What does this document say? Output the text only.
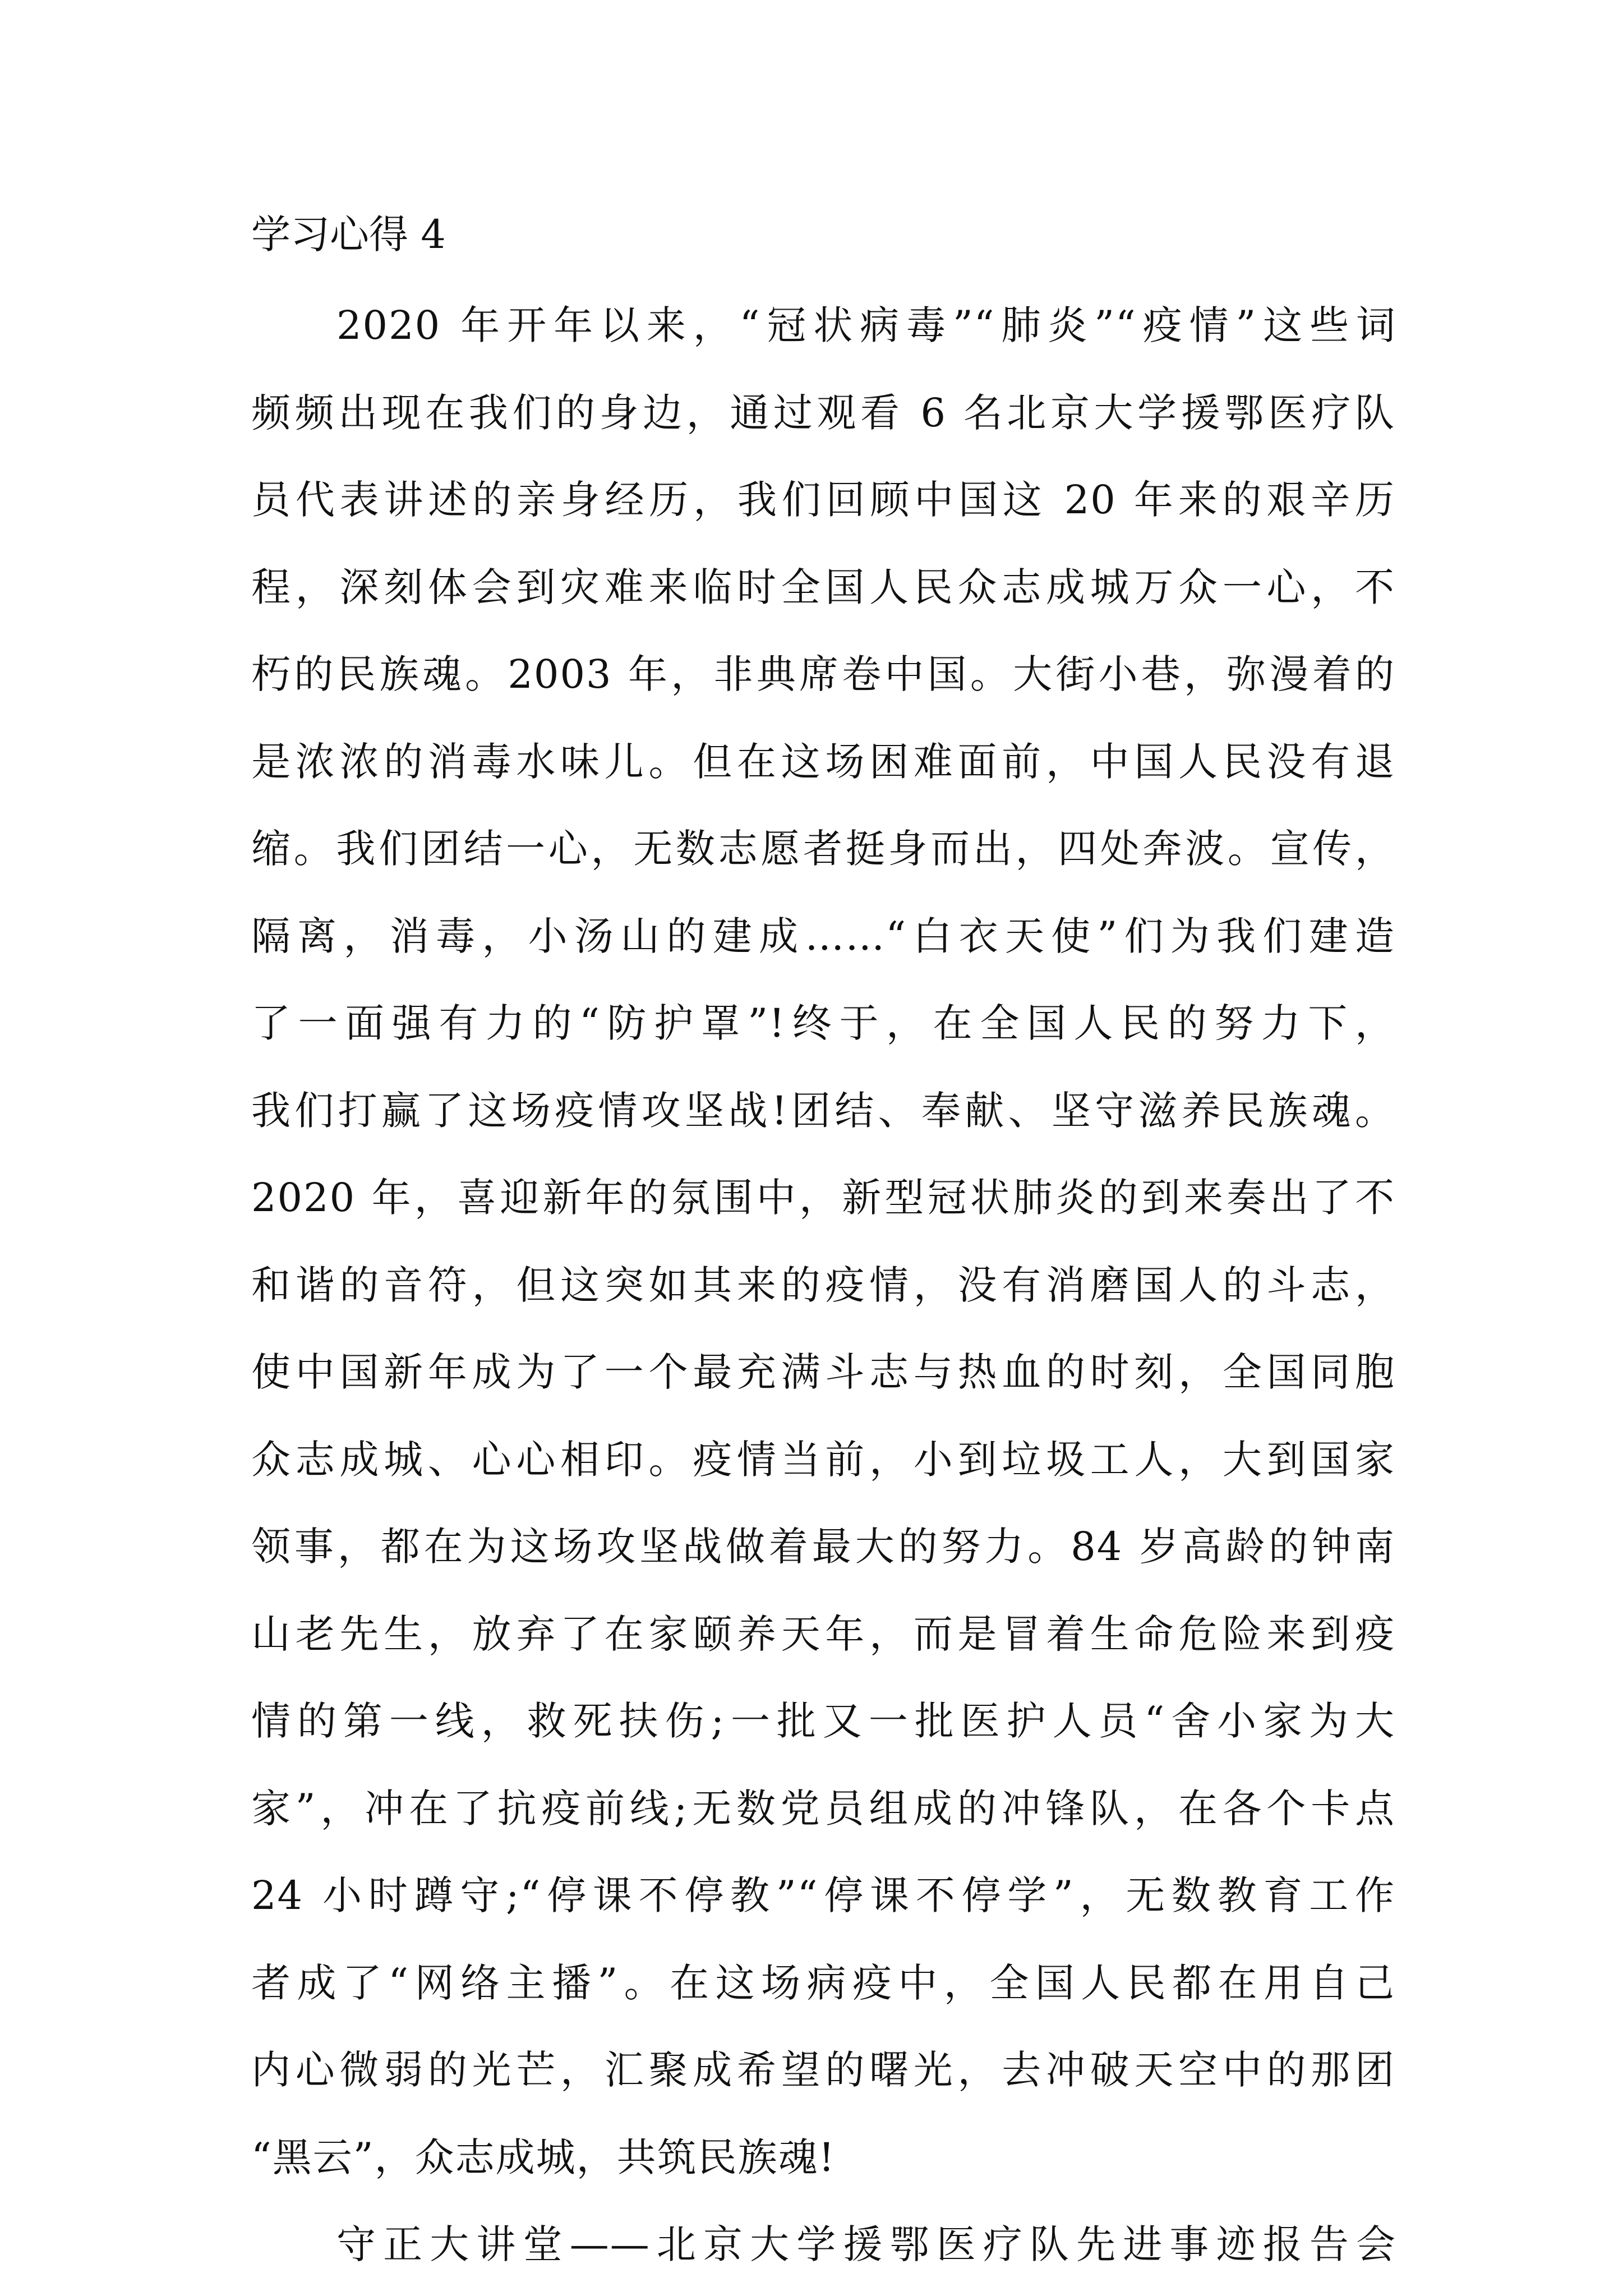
学习心得 4
2020 年开年以来，“冠状病毒”“肺炎”“疫情”这些词
频频出现在我们的身边，通过观看 6 名北京大学援鄂医疗队
员代表讲述的亲身经历，我们回顾中国这 20 年来的艰辛历
程，深刻体会到灾难来临时全国人民众志成城万众一心，不
朽的民族魂。2003 年，非典席卷中国。大街小巷，弥漫着的
是浓浓的消毒水味儿。但在这场困难面前，中国人民没有退
缩。我们团结一心，无数志愿者挺身而出，四处奔波。宣传，
隔离，消毒，小汤山的建成……“白衣天使”们为我们建造
了一面强有力的“防护罩”!终于，在全国人民的努力下，
我们打赢了这场疫情攻坚战!团结、奉献、坚守滋养民族魂。
2020 年，喜迎新年的氛围中，新型冠状肺炎的到来奏出了不
和谐的音符，但这突如其来的疫情，没有消磨国人的斗志，
使中国新年成为了一个最充满斗志与热血的时刻，全国同胞
众志成城、心心相印。疫情当前，小到垃圾工人，大到国家
领事，都在为这场攻坚战做着最大的努力。84 岁高龄的钟南
山老先生，放弃了在家颐养天年，而是冒着生命危险来到疫
情的第一线，救死扶伤;一批又一批医护人员“舍小家为大
家”，冲在了抗疫前线;无数党员组成的冲锋队，在各个卡点
24 小时蹲守;“停课不停教”“停课不停学”，无数教育工作
者成了“网络主播”。在这场病疫中，全国人民都在用自己
内心微弱的光芒，汇聚成希望的曙光，去冲破天空中的那团
“黑云”，众志成城，共筑民族魂!
守正大讲堂——北京大学援鄂医疗队先进事迹报告会
